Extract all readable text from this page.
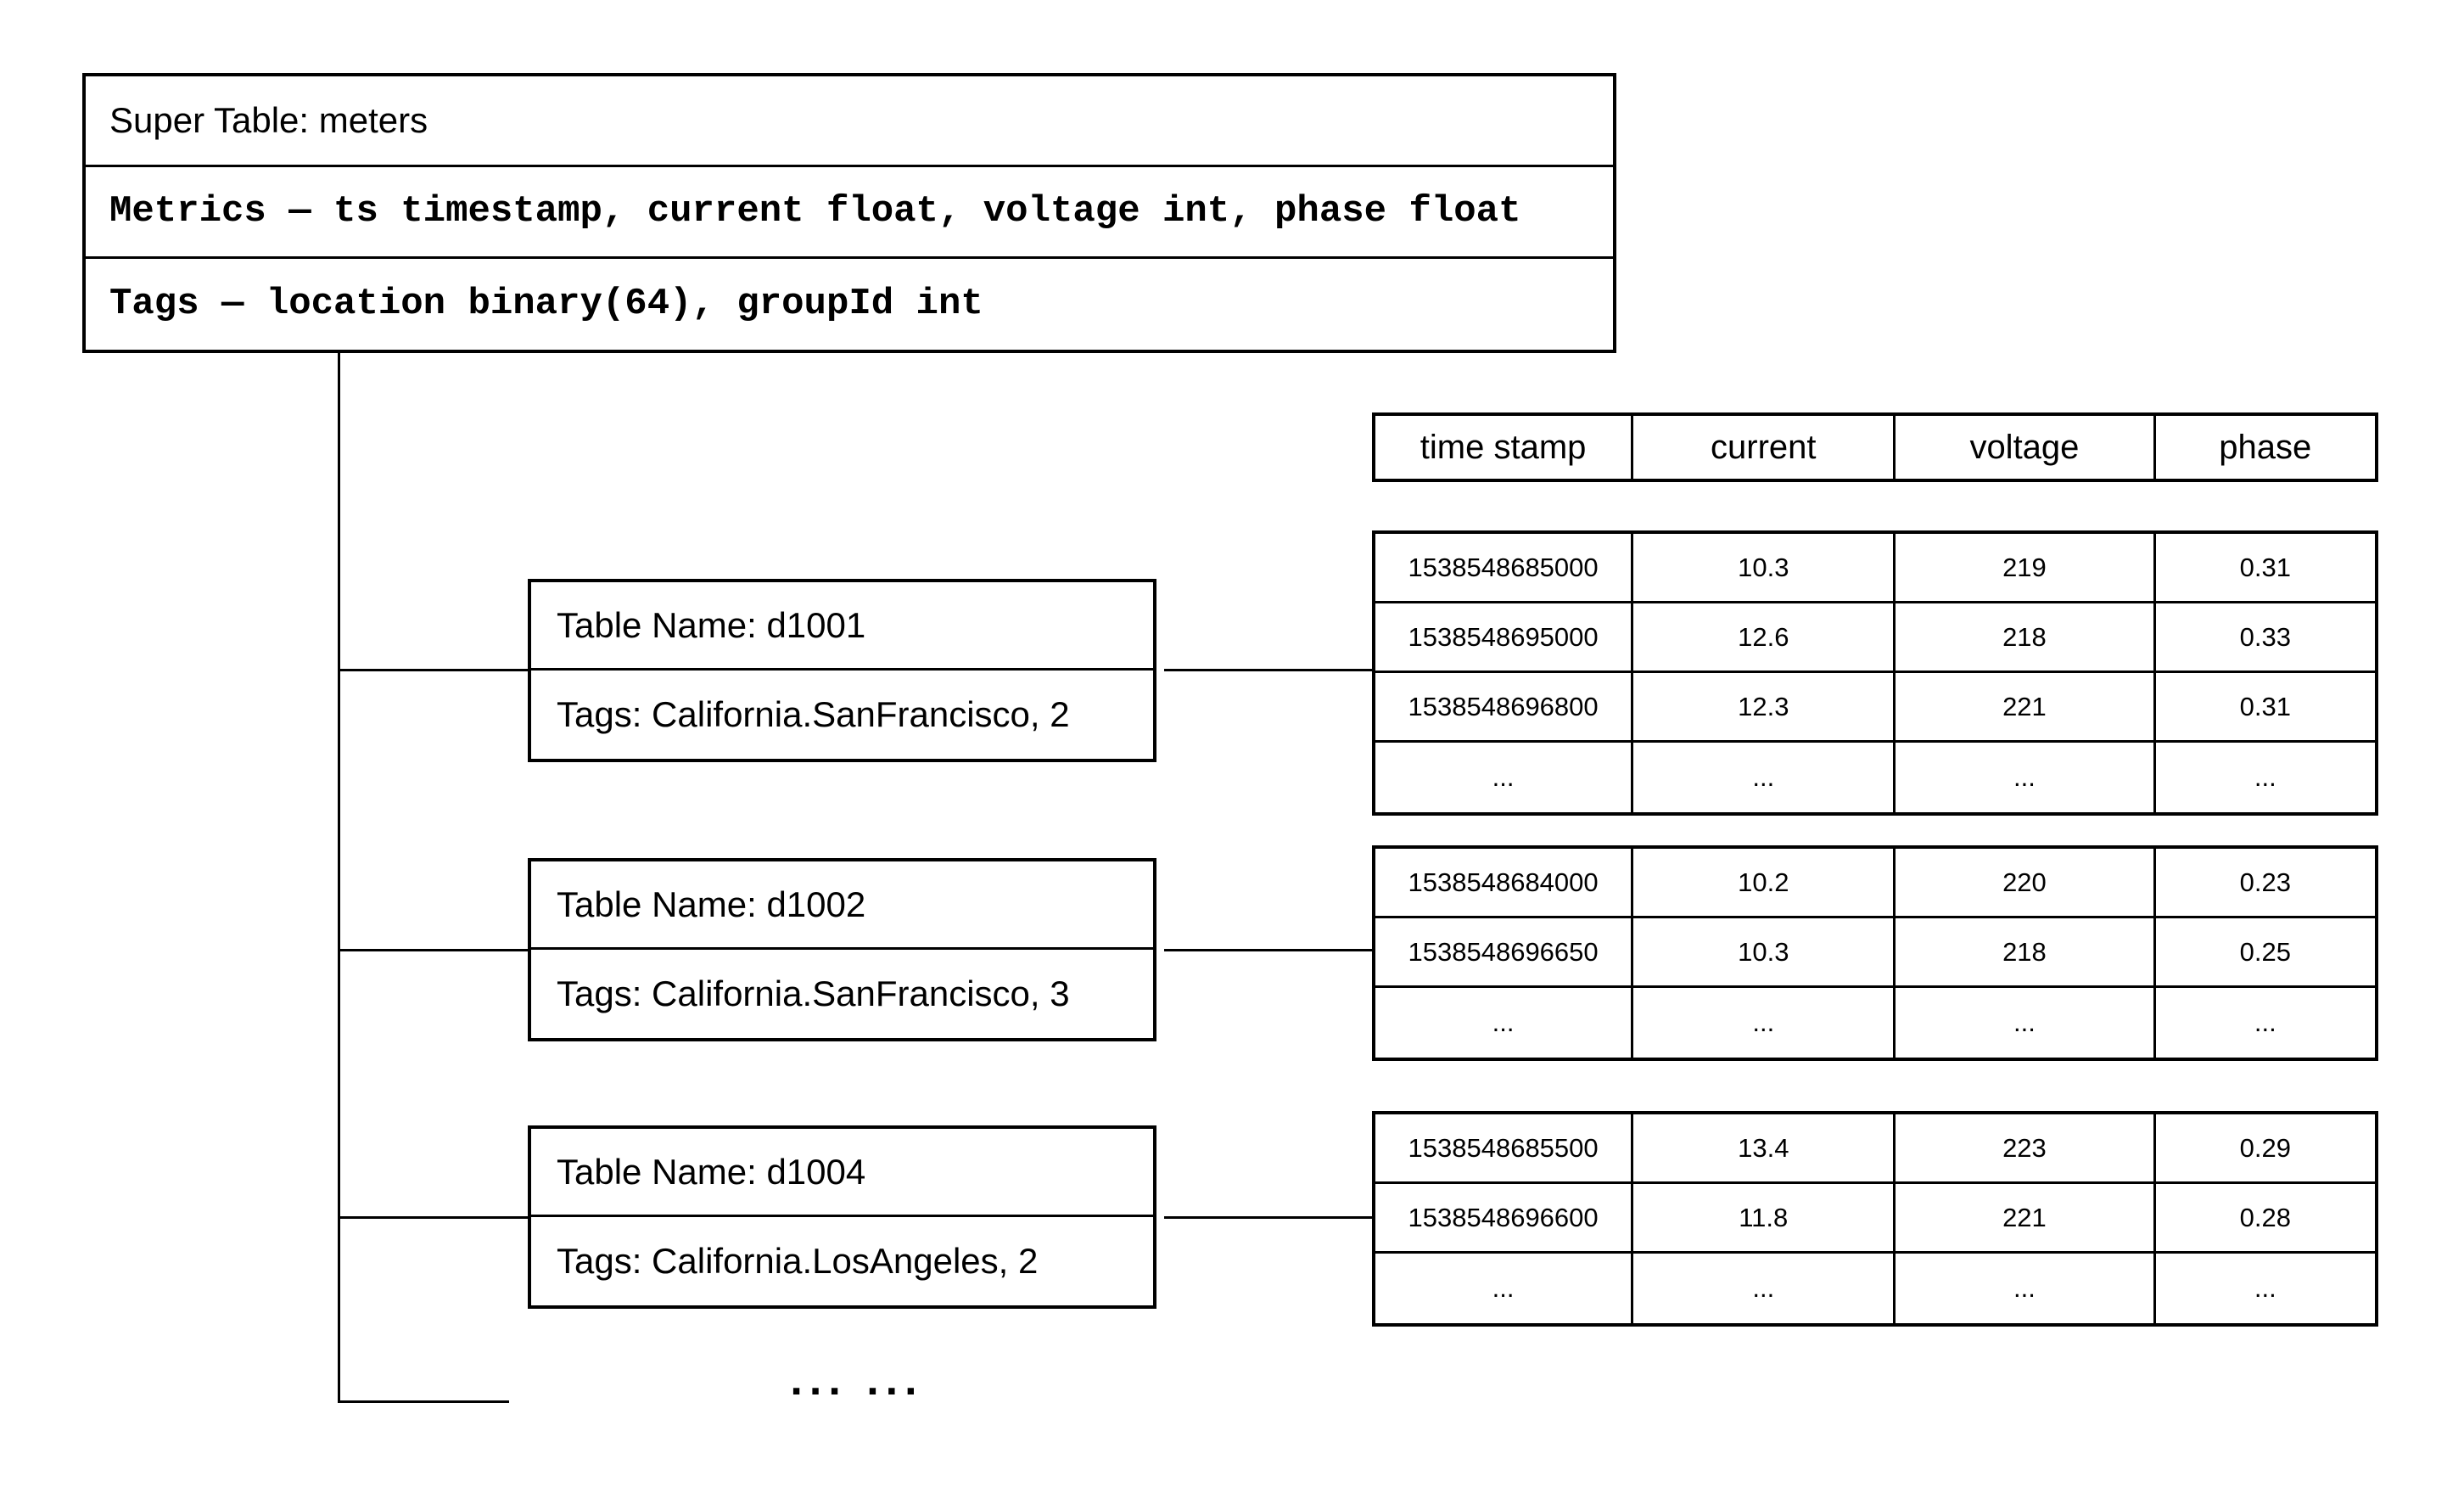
Super Table: meters
Metrics — ts timestamp, current float, voltage int, phase float
Tags — location binary(64), groupId int
time stamp	current	voltage	phase
Table Name: d1001
Tags: California.SanFrancisco, 2
Table Name: d1002
Tags: California.SanFrancisco, 3
Table Name: d1004
Tags: California.LosAngeles, 2
1538548685000	10.3	219	0.31
1538548695000	12.6	218	0.33
1538548696800	12.3	221	0.31
...	...	...	...
1538548684000	10.2	220	0.23
1538548696650	10.3	218	0.25
...	...	...	...
1538548685500	13.4	223	0.29
1538548696600	11.8	221	0.28
...	...	...	...
... ...
